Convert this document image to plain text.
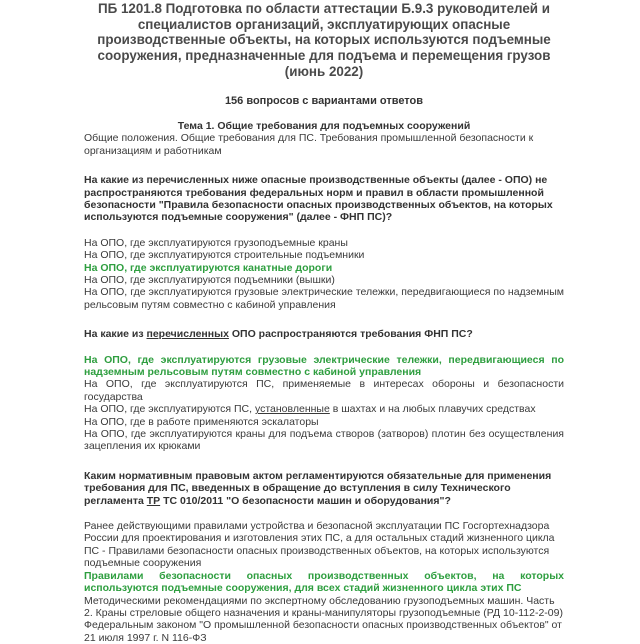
ПБ 1201.8 Подготовка по области аттестации Б.9.3 руководителей и специалистов организаций, эксплуатирующих опасные производственные объекты, на которых используются подъемные сооружения, предназначенные для подъема и перемещения грузов (июнь 2022)
156 вопросов с вариантами ответов
Тема 1. Общие требования для подъемных сооружений

Общие положения. Общие требования для ПС. Требования промышленной безопасности к организациям и работникам

На какие из перечисленных ниже опасные производственные объекты (далее - ОПО) не распространяются требования федеральных норм и правил в области промышленной безопасности "Правила безопасности опасных производственных объектов, на которых используются подъемные сооружения" (далее - ФНП ПС)?
На ОПО, где эксплуатируются грузоподъемные краны
На ОПО, где эксплуатируются строительные подъемники
На ОПО, где эксплуатируются канатные дороги
На ОПО, где эксплуатируются подъемники (вышки)
На ОПО, где эксплуатируются грузовые электрические тележки, передвигающиеся по надземным рельсовым путям совместно с кабиной управления
На какие из перечисленных ОПО распространяются требования ФНП ПС?
На ОПО, где эксплуатируются грузовые электрические тележки, передвигающиеся по надземным рельсовым путям совместно с кабиной управления
На ОПО, где эксплуатируются ПС, применяемые в интересах обороны и безопасности государства
На ОПО, где эксплуатируются ПС, установленные в шахтах и на любых плавучих средствах
На ОПО, где в работе применяются эскалаторы
На ОПО, где эксплуатируются краны для подъема створов (затворов) плотин без осуществления зацепления их крюками
Каким нормативным правовым актом регламентируются обязательные для применения требования для ПС, введенных в обращение до вступления в силу Технического регламента ТР ТС 010/2011 "О безопасности машин и оборудования"?
Ранее действующими правилами устройства и безопасной эксплуатации ПС Госгортехнадзора России для проектирования и изготовления этих ПС, а для остальных стадий жизненного цикла ПС - Правилами безопасности опасных производственных объектов, на которых используются подъемные сооружения
Правилами безопасности опасных производственных объектов, на которых используются подъемные сооружения, для всех стадий жизненного цикла этих ПС
Методическими рекомендациями по экспертному обследованию грузоподъемных машин. Часть 2. Краны стреловые общего назначения и краны-манипуляторы грузоподъемные (РД 10-112-2-09)
Федеральным законом "О промышленной безопасности опасных производственных объектов" от 21 июля 1997 г. N 116-ФЗ
